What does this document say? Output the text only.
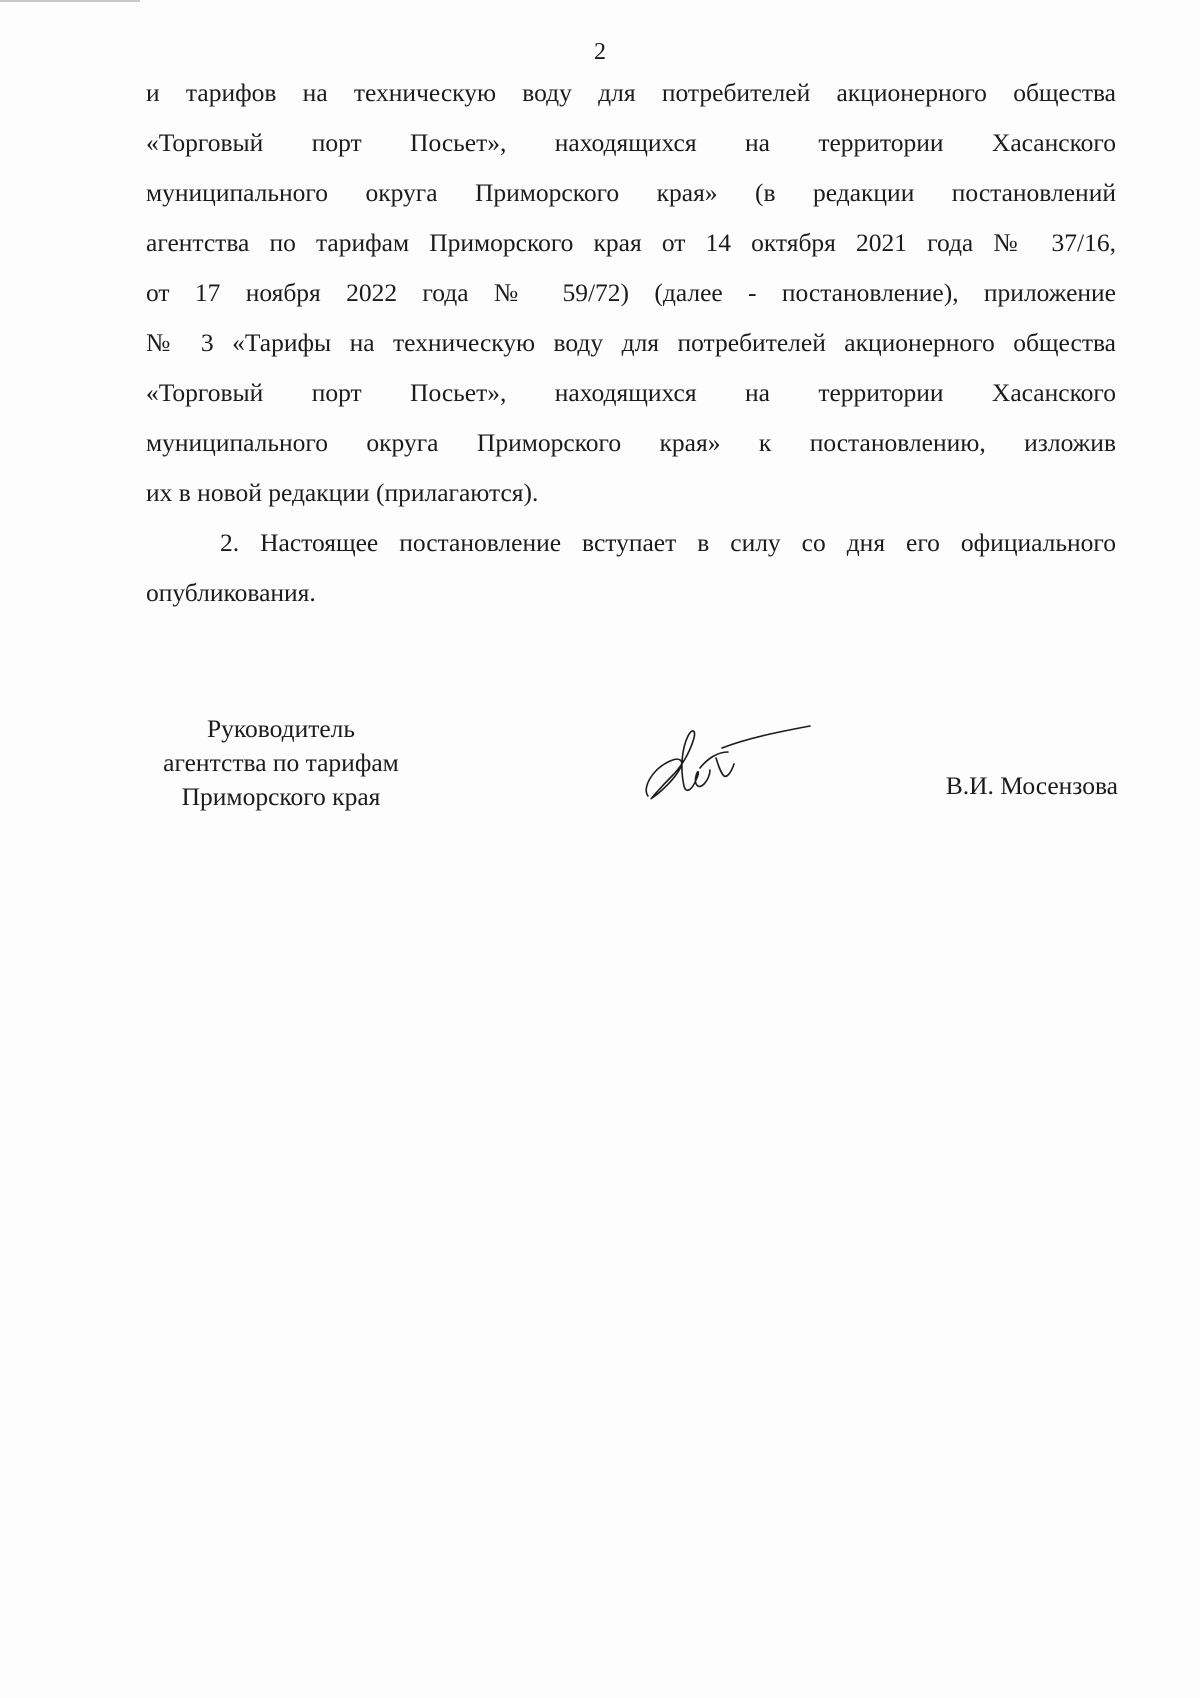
2
и тарифов на техническую воду для потребителей акционерного общества
«Торговый порт Посьет», находящихся на территории Хасанского
муниципального округа Приморского края» (в редакции постановлений
агентства по тарифам Приморского края от 14 октября 2021 года № 37/16,
от 17 ноября 2022 года № 59/72) (далее - постановление), приложение
№ 3 «Тарифы на техническую воду для потребителей акционерного общества
«Торговый порт Посьет», находящихся на территории Хасанского
муниципального округа Приморского края» к постановлению, изложив
их в новой редакции (прилагаются).
2. Настоящее постановление вступает в силу со дня его официального
опубликования.
Руководитель
агентства по тарифам
Приморского края	В.И. Мосензова
